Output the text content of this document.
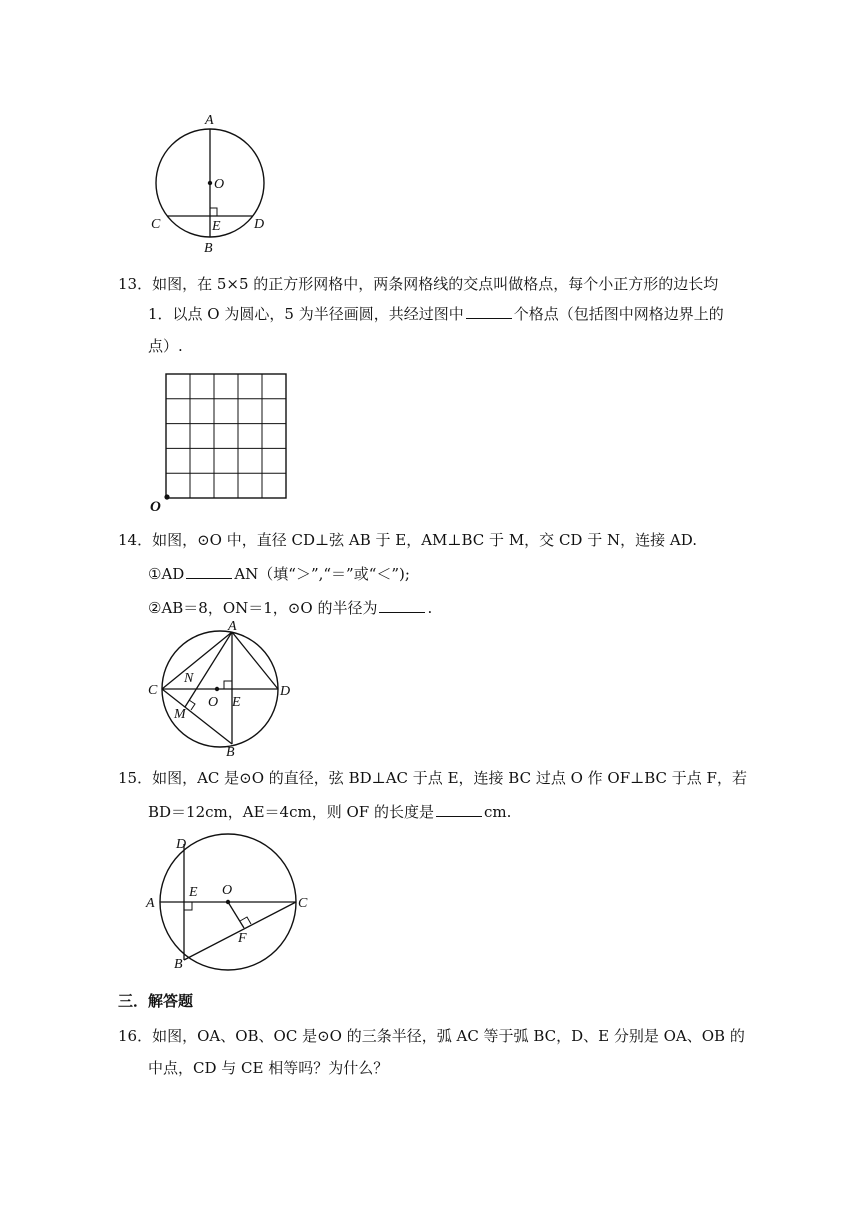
A
O
C	E D
B
13．如图，在 5×5 的正方形网格中，两条网格线的交点叫做格点，每个小正方形的边长均
1．以点 O 为圆心，5 为半径画圆，共经过图中	个格点（包括图中网格边界上的
点）.
O
14．如图，⊙O 中，直径 CD⊥弦 AB 于 E，AM⊥BC 于 M，交 CD 于 N，连接 AD.
①AD	AN（填“＞”,“＝”或“＜”);
②AB＝8，ON＝1，⊙O 的半径为	.
A
C
N
O E
D
M
B
15．如图，AC 是⊙O 的直径，弦 BD⊥AC 于点 E，连接 BC 过点 O 作 OF⊥BC 于点 F，若
BD＝12cm，AE＝4cm，则 OF 的长度是	cm.
D
E O
A	C
F
B
三．解答题
16．如图，OA、OB、OC 是⊙O 的三条半径，弧 AC 等于弧 BC，D、E 分别是 OA、OB 的
中点，CD 与 CE 相等吗？为什么？
